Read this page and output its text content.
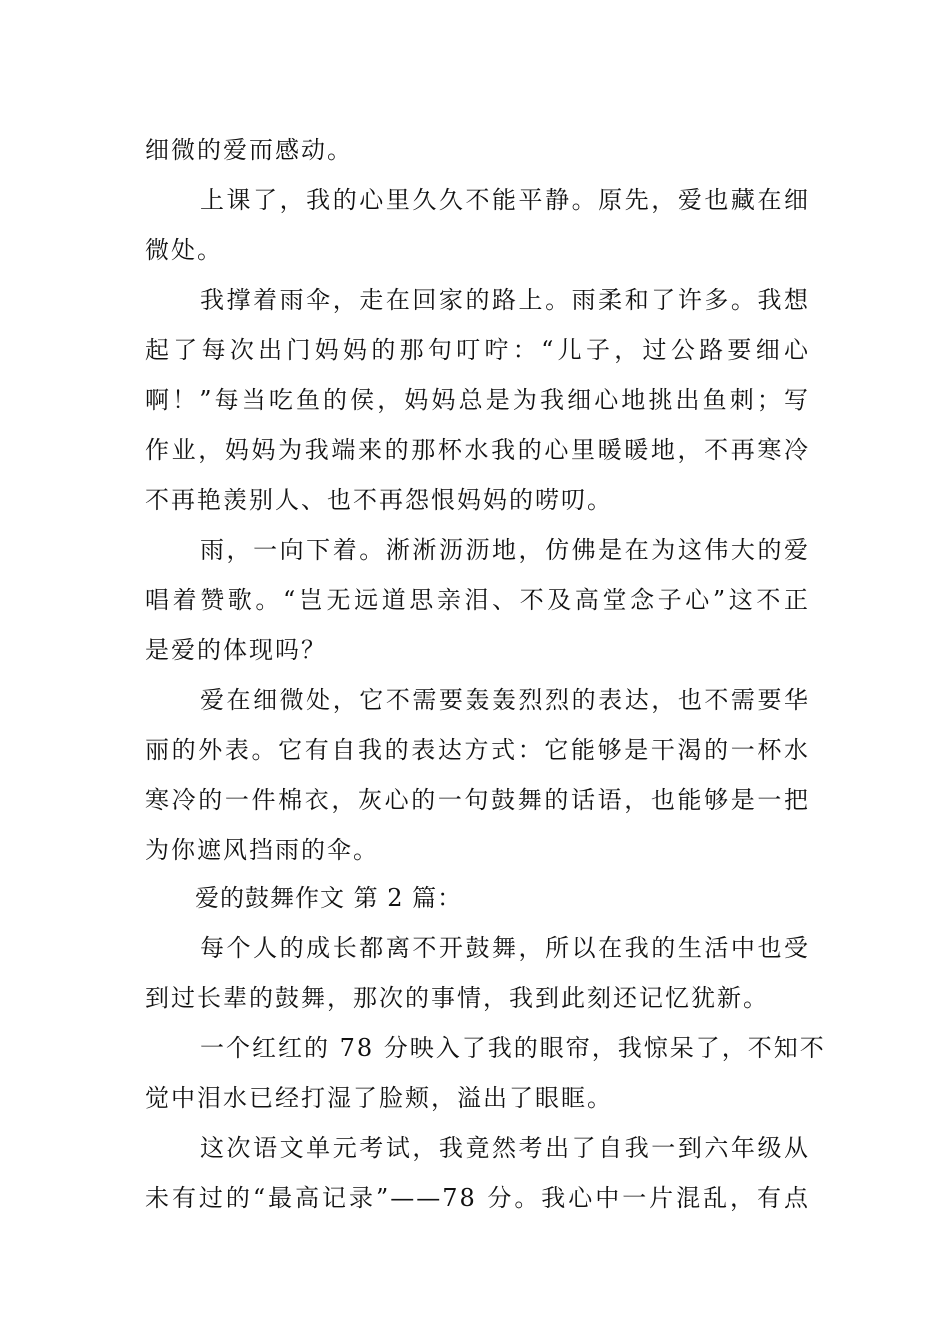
细微的爱而感动。
上课了，我的心里久久不能平静。原先，爱也藏在细
微处。
我撑着雨伞，走在回家的路上。雨柔和了许多。我想
起了每次出门妈妈的那句叮咛：“儿子，过公路要细心
啊！”每当吃鱼的侯，妈妈总是为我细心地挑出鱼刺；写
作业，妈妈为我端来的那杯水我的心里暖暖地，不再寒冷
不再艳羡别人、也不再怨恨妈妈的唠叨。
雨，一向下着。淅淅沥沥地，仿佛是在为这伟大的爱
唱着赞歌。“岂无远道思亲泪、不及高堂念子心”这不正
是爱的体现吗？
爱在细微处，它不需要轰轰烈烈的表达，也不需要华
丽的外表。它有自我的表达方式：它能够是干渴的一杯水
寒冷的一件棉衣，灰心的一句鼓舞的话语，也能够是一把
为你遮风挡雨的伞。
爱的鼓舞作文 第 2 篇：
每个人的成长都离不开鼓舞，所以在我的生活中也受
到过长辈的鼓舞，那次的事情，我到此刻还记忆犹新。
一个红红的 78 分映入了我的眼帘，我惊呆了，不知不
觉中泪水已经打湿了脸颊，溢出了眼眶。
这次语文单元考试，我竟然考出了自我一到六年级从
未有过的“最高记录”——78 分。我心中一片混乱，有点
